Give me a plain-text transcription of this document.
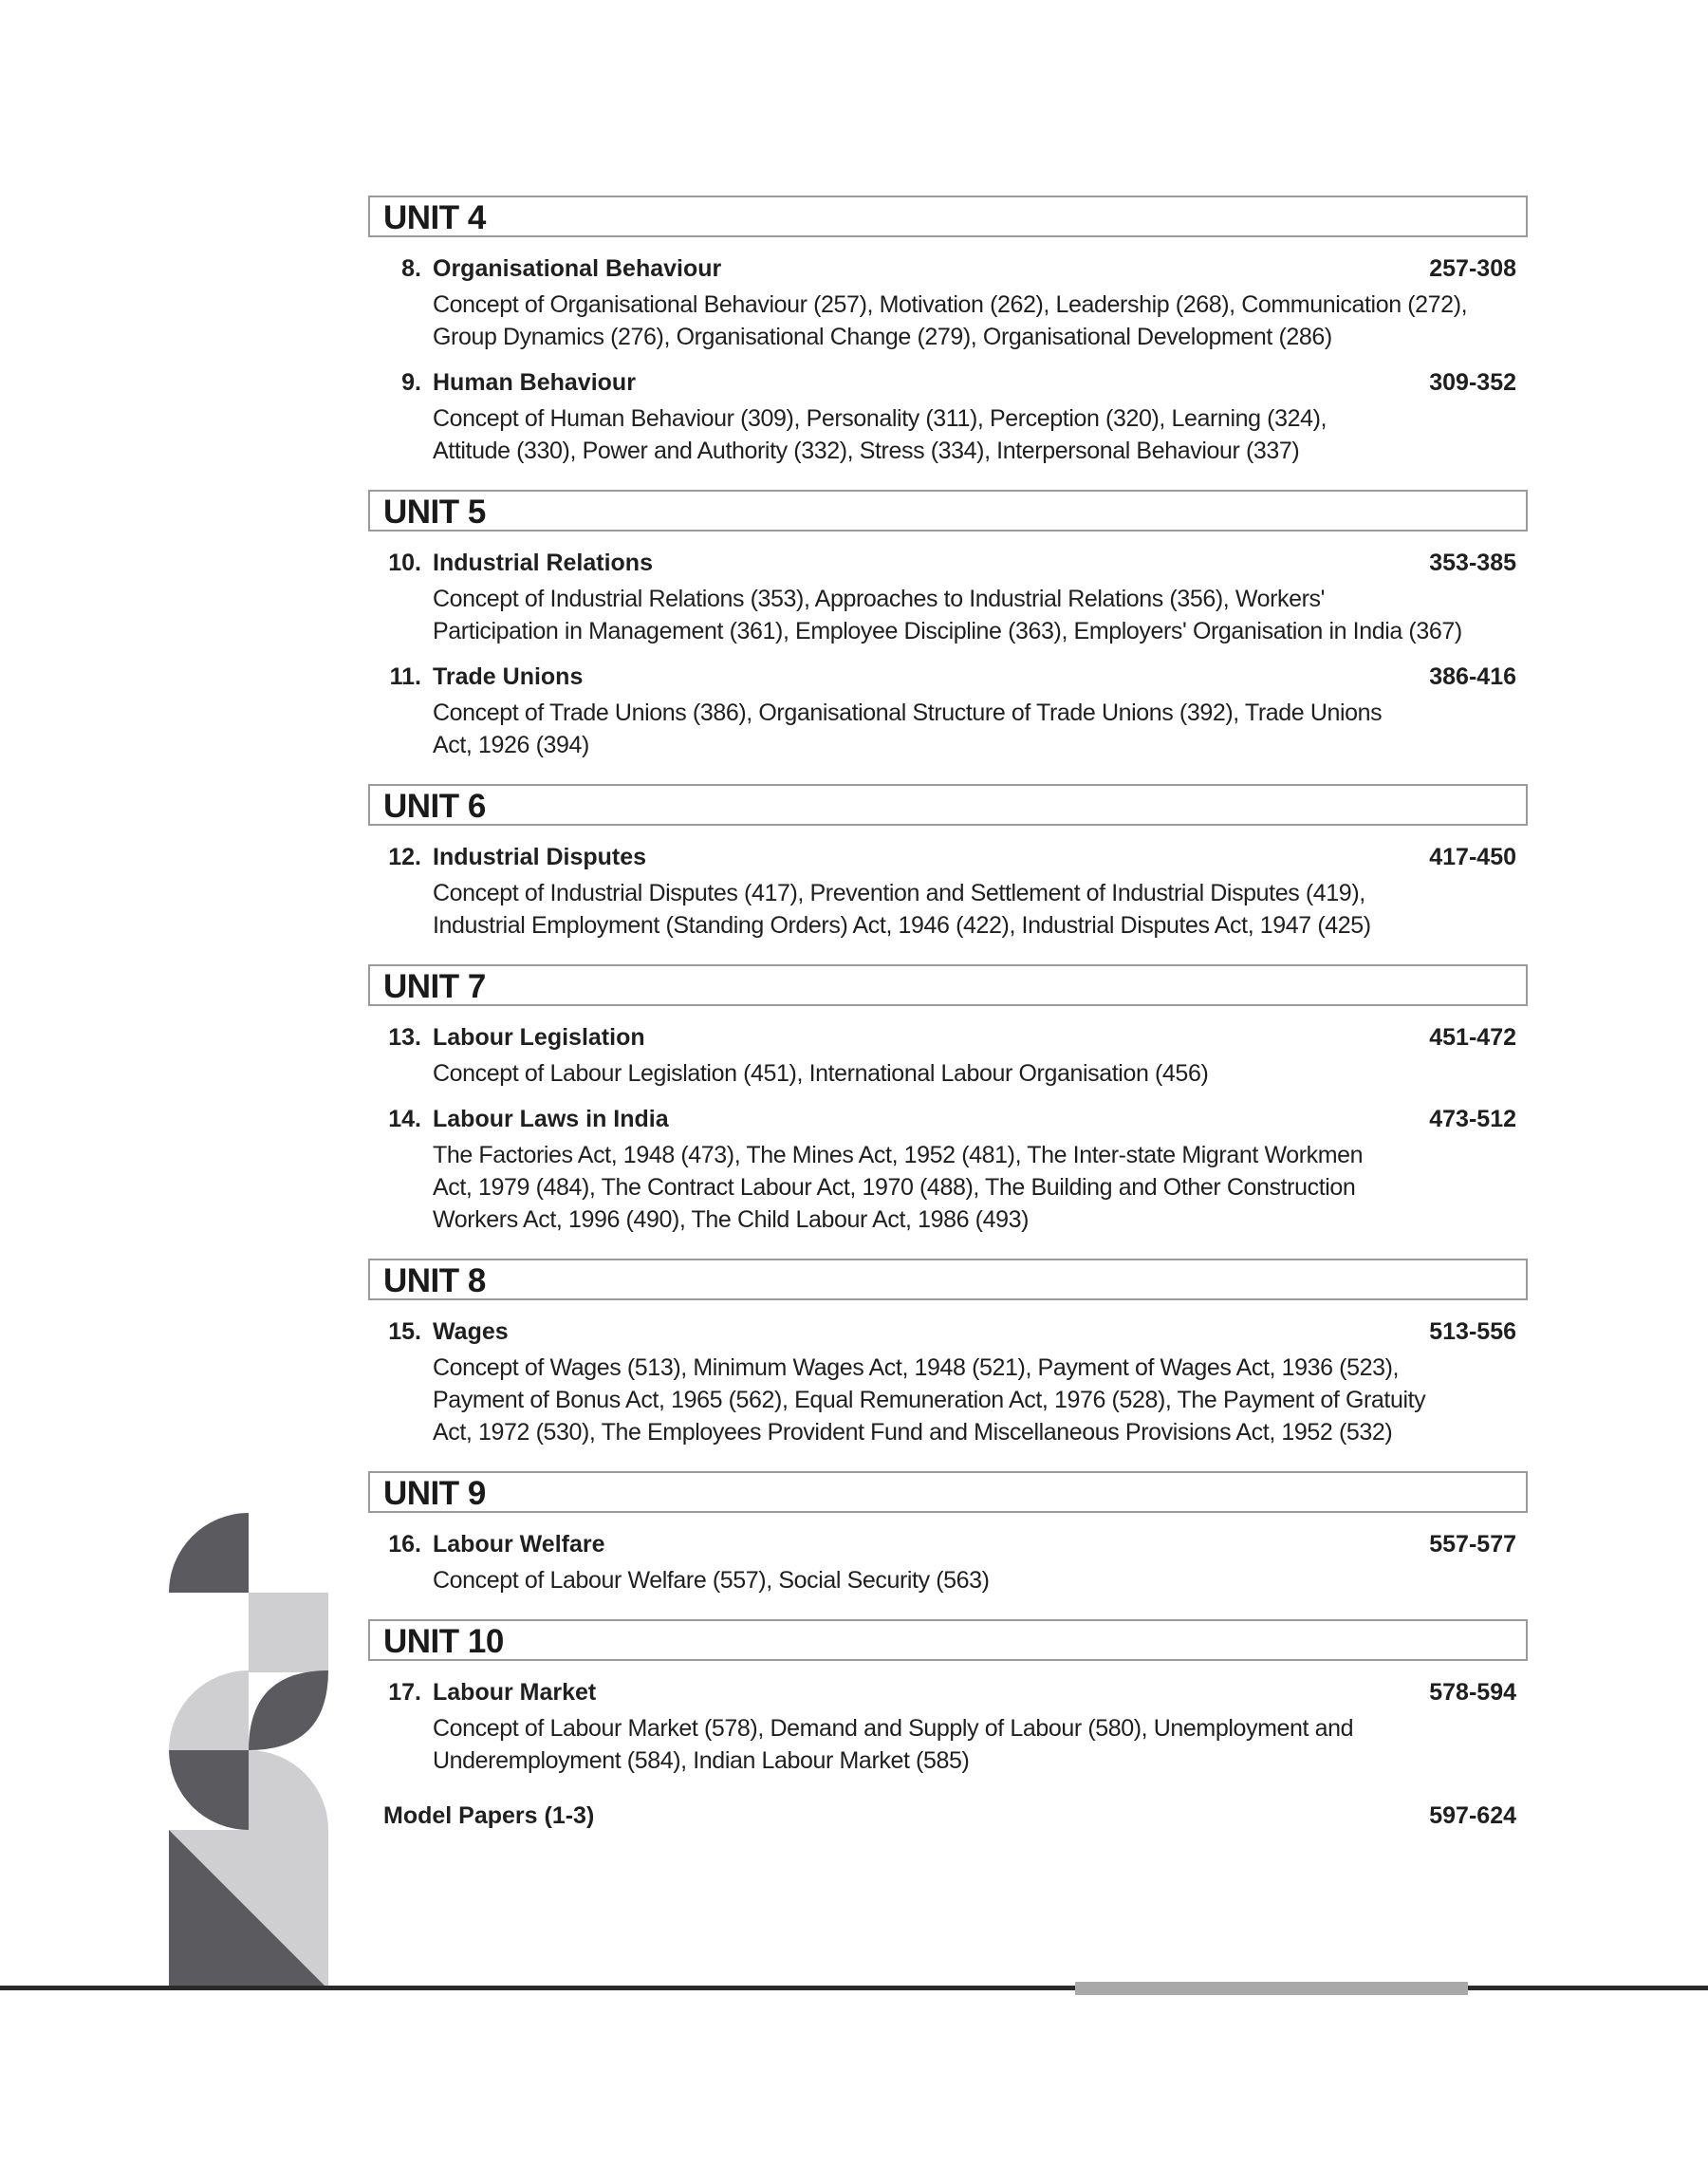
UNIT 4
8. Organisational Behaviour	257-308
Concept of Organisational Behaviour (257), Motivation (262), Leadership (268), Communication (272),
Group Dynamics (276), Organisational Change (279), Organisational Development (286)
9. Human Behaviour	309-352
Concept of Human Behaviour (309), Personality (311), Perception (320), Learning (324),
Attitude (330), Power and Authority (332), Stress (334), Interpersonal Behaviour (337)
UNIT 5
10. Industrial Relations	353-385
Concept of Industrial Relations (353), Approaches to Industrial Relations (356), Workers'
Participation in Management (361), Employee Discipline (363), Employers' Organisation in India (367)
11. Trade Unions	386-416
Concept of Trade Unions (386), Organisational Structure of Trade Unions (392), Trade Unions
Act, 1926 (394)
UNIT 6
12. Industrial Disputes	417-450
Concept of Industrial Disputes (417), Prevention and Settlement of Industrial Disputes (419),
Industrial Employment (Standing Orders) Act, 1946 (422), Industrial Disputes Act, 1947 (425)
UNIT 7
13. Labour Legislation	451-472
Concept of Labour Legislation (451), International Labour Organisation (456)
14. Labour Laws in India	473-512
The Factories Act, 1948 (473), The Mines Act, 1952 (481), The Inter-state Migrant Workmen
Act, 1979 (484), The Contract Labour Act, 1970 (488), The Building and Other Construction
Workers Act, 1996 (490), The Child Labour Act, 1986 (493)
UNIT 8
15. Wages	513-556
Concept of Wages (513), Minimum Wages Act, 1948 (521), Payment of Wages Act, 1936 (523),
Payment of Bonus Act, 1965 (562), Equal Remuneration Act, 1976 (528), The Payment of Gratuity
Act, 1972 (530), The Employees Provident Fund and Miscellaneous Provisions Act, 1952 (532)
UNIT 9
16. Labour Welfare	557-577
Concept of Labour Welfare (557), Social Security (563)
UNIT 10
17. Labour Market	578-594
Concept of Labour Market (578), Demand and Supply of Labour (580), Unemployment and
Underemployment (584), Indian Labour Market (585)
Model Papers (1-3)	597-624
